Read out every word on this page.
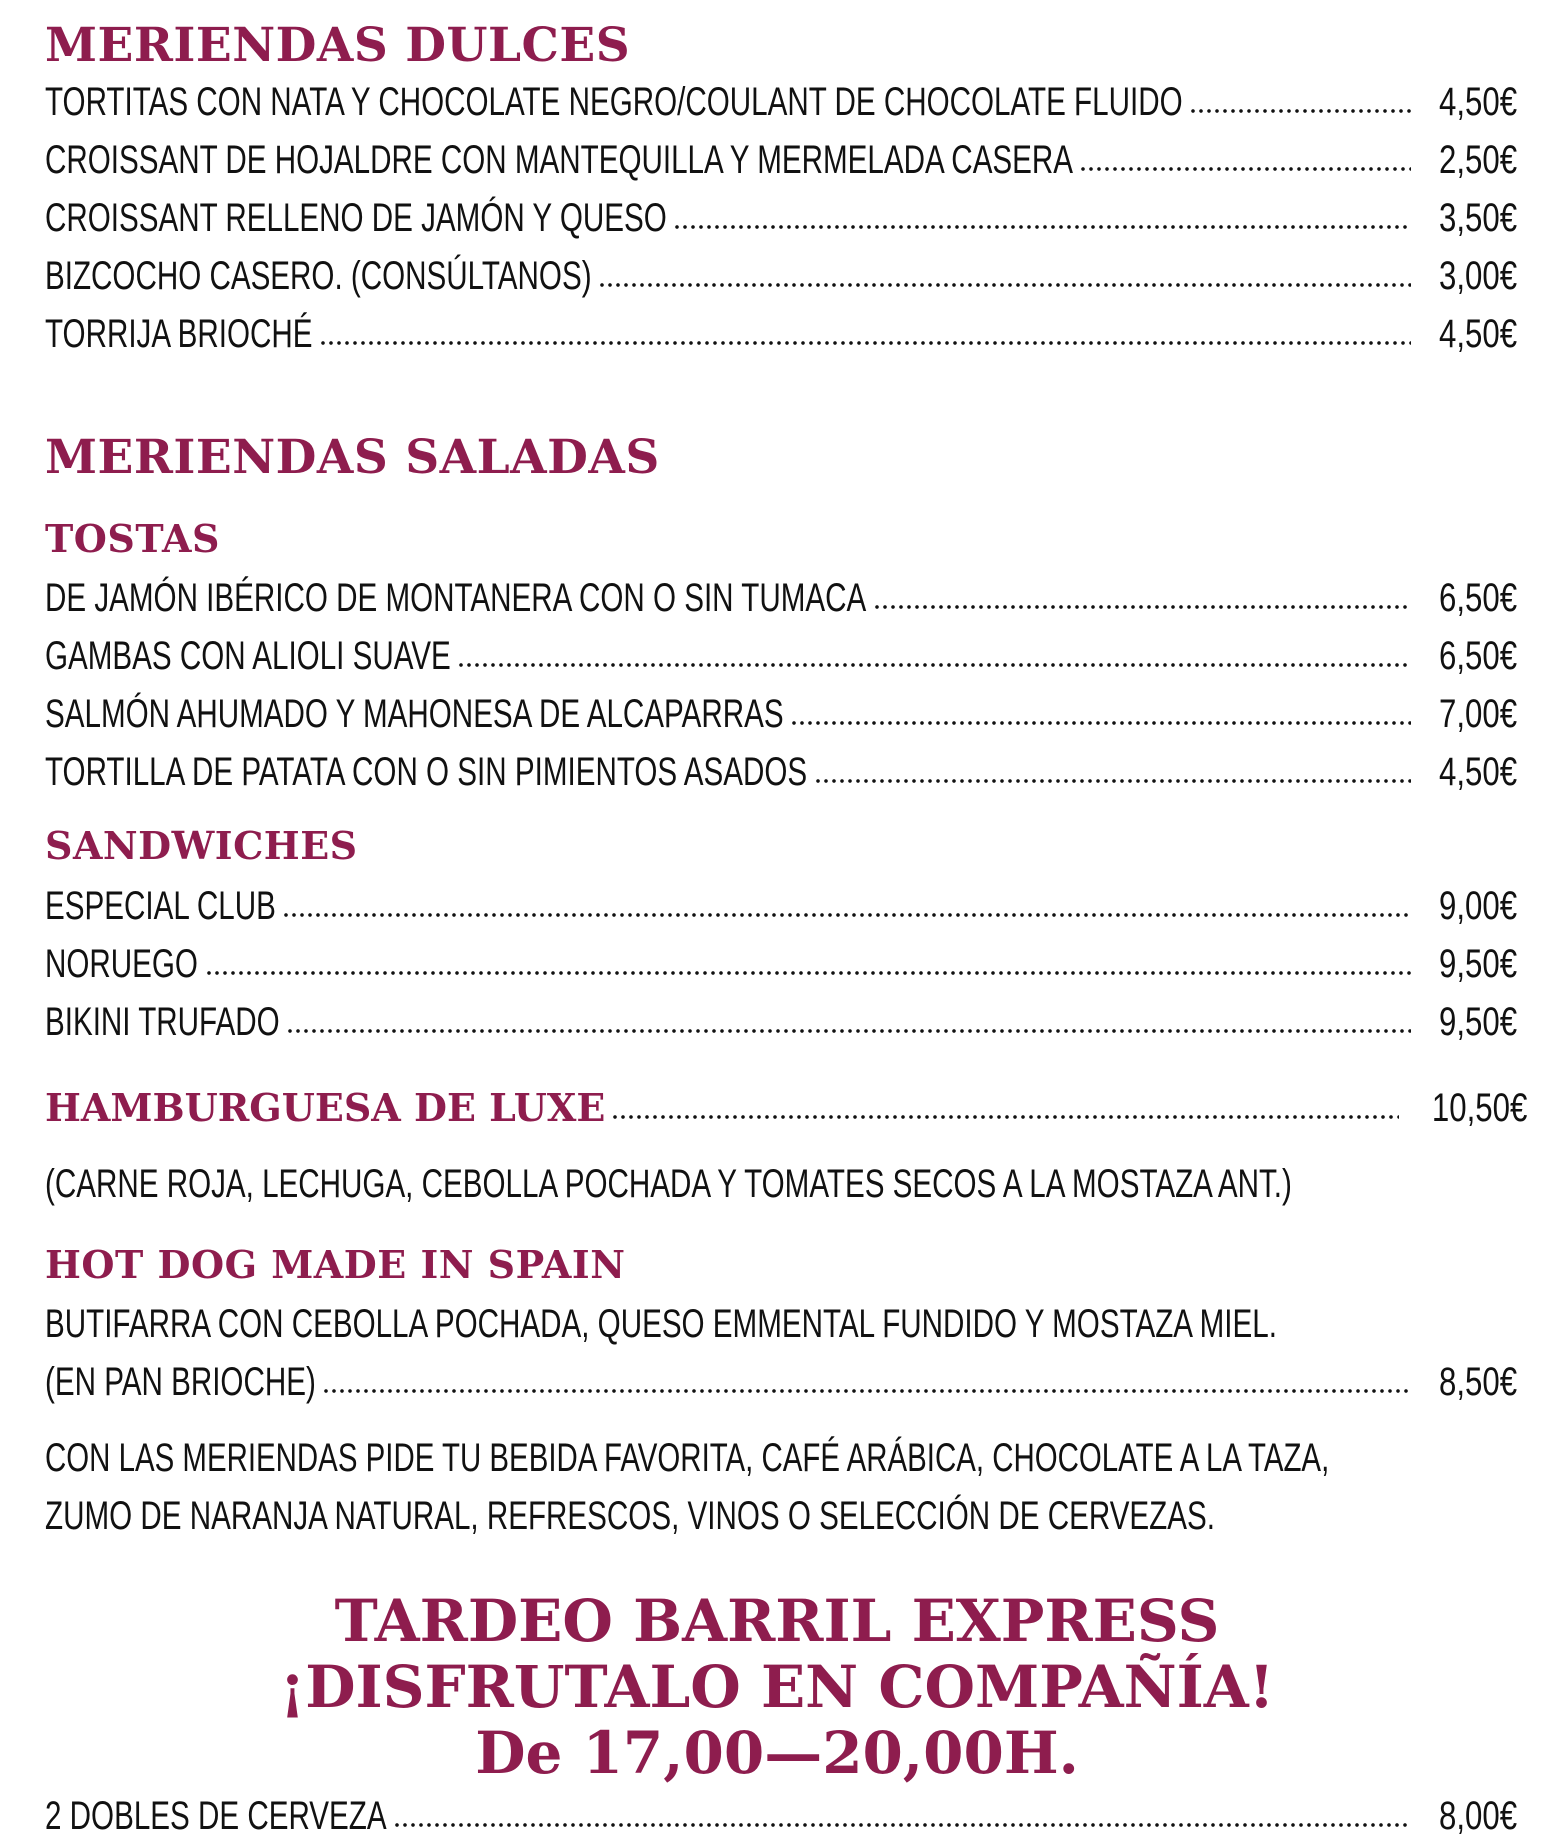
MERIENDAS DULCES
TORTITAS CON NATA Y CHOCOLATE NEGRO/COULANT DE CHOCOLATE FLUIDO	4,50€
CROISSANT DE HOJALDRE CON MANTEQUILLA Y MERMELADA CASERA	2,50€
CROISSANT RELLENO DE JAMÓN Y QUESO	3,50€
BIZCOCHO CASERO. (CONSÚLTANOS)	3,00€
TORRIJA BRIOCHÉ	4,50€
MERIENDAS SALADAS
TOSTAS
DE JAMÓN IBÉRICO DE MONTANERA CON O SIN TUMACA	6,50€
GAMBAS CON ALIOLI SUAVE	6,50€
SALMÓN AHUMADO Y MAHONESA DE ALCAPARRAS	7,00€
TORTILLA DE PATATA CON O SIN PIMIENTOS ASADOS	4,50€
SANDWICHES
ESPECIAL CLUB	9,00€
NORUEGO	9,50€
BIKINI TRUFADO	9,50€
HAMBURGUESA DE LUXE	10,50€
(CARNE ROJA, LECHUGA, CEBOLLA POCHADA Y TOMATES SECOS A LA MOSTAZA ANT.)
HOT DOG MADE IN SPAIN
BUTIFARRA CON CEBOLLA POCHADA, QUESO EMMENTAL FUNDIDO Y MOSTAZA MIEL.
(EN PAN BRIOCHE)	8,50€
CON LAS MERIENDAS PIDE TU BEBIDA FAVORITA, CAFÉ ARÁBICA, CHOCOLATE A LA TAZA,
ZUMO DE NARANJA NATURAL, REFRESCOS, VINOS O SELECCIÓN DE CERVEZAS.
TARDEO BARRIL EXPRESS
¡DISFRUTALO EN COMPAÑÍA!
De 17,00—20,00H.
2 DOBLES DE CERVEZA	8,00€
